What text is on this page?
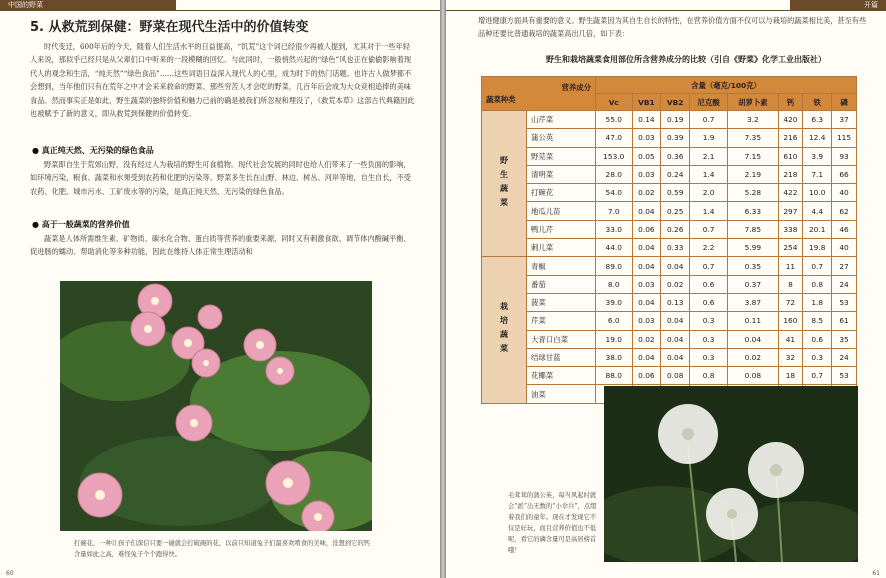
中国的野菜
5. 从救荒到保健：野菜在现代生活中的价值转变

时代变迁，600年后的今天，随着人们生活水平的日益提高，“饥荒”这个词已经很少再被人提到，尤其对于一些年轻人来说，那似乎已经只是从父辈们口中听来的一段模糊的回忆。与此同时，一般悄然兴起的“绿色”风也正在偷偷影响着现代人的观念和生活，“纯天然”“绿色食品”……这些词语日益深入现代人的心里，成为时下的热门话题。也许古人做梦都不会想到，当年他们只有在荒年之中才会采来救命的野菜、那些穷苦人才会吃的野菜，几百年后会成为大众竞相追捧的美味食品。然而事实正是如此，野生蔬菜的独特价值和魅力已前的确是被我们所忽视和埋没了，《救荒本草》这部古代典籍因此也被赋予了新的意义，即从救荒到保健的价值转变。

● 真正纯天然、无污染的绿色食品

野菜即自生于荒郊山野，没有经过人为栽培的野生可食植物。现代社会发展的同时也给人们带来了一些负面的影响，如环境污染，粮食、蔬菜和水果受到农药和化肥的污染等。野菜多生长在山野、林边、树丛、河岸等地，自生自长，不受农药、化肥、城市污水、工矿废水等的污染，是真正纯天然、无污染的绿色食品。

● 高于一般蔬菜的营养价值

蔬菜是人体所需维生素、矿物质、碳水化合物、蛋白质等营养的重要来源，同时又有刺激食欲、调节体内酸碱平衡、促进肠的蠕动、帮助消化等多种功能，因此在维持人体正常生理活动和

打碗花，一种让孩子们深信只要一碰就会打破碗的花，以前只知道兔子们最喜欢啃食的美味，没想到它的钙含量如此之高，难怪兔子个个跑得快。

60
开篇

增进健康方面具有重要的意义。野生蔬菜因为其自生自长的特性，在营养价值方面不仅可以与栽培的蔬菜相比美，甚至有些品种还要比普通栽培的蔬菜高出几倍，如下表：

野生和栽培蔬菜食用部位所含营养成分的比较（引自《野菜》化学工业出版社）
营养成分
蔬菜种类		含量（毫克/100克）							
		Vc	VB1	VB2	尼克酸	胡萝卜素	钙	铁	磷
野生蔬菜	山芹菜	55.0	0.14	0.19	0.7	3.2	420	6.3	37
	蒲公英	47.0	0.03	0.39	1.9	7.35	216	12.4	115
	野苋菜	153.0	0.05	0.36	2.1	7.15	610	3.9	93
	清明菜	28.0	0.03	0.24	1.4	2.19	218	7.1	66
	打碗花	54.0	0.02	0.59	2.0	5.28	422	10.0	40
	地瓜儿苗	7.0	0.04	0.25	1.4	6.33	297	4.4	62
	鸭儿芹	33.0	0.06	0.26	0.7	7.85	338	20.1	46
	刺儿菜	44.0	0.04	0.33	2.2	5.99	254	19.8	40
栽培蔬菜	青椒	89.0	0.04	0.04	0.7	0.35	11	0.7	27
	番茄	8.0	0.03	0.02	0.6	0.37	8	0.8	24
	菠菜	39.0	0.04	0.13	0.6	3.87	72	1.8	53
	芹菜	6.0	0.03	0.04	0.3	0.11	160	8.5	61
	大青口白菜	19.0	0.02	0.04	0.3	0.04	41	0.6	35
	结球甘蓝	38.0	0.04	0.04	0.3	0.02	32	0.3	24
	花椰菜	88.0	0.06	0.08	0.8	0.08	18	0.7	53
	油菜								

毛茸茸的蒲公英，每当风起时就会“派”出无数的“小伞兵”，点缀着我们的童年。现在才发现它不仅是好玩，而且营养价值也不低呢，看它的磷含量可是高居榜首哦！

61
